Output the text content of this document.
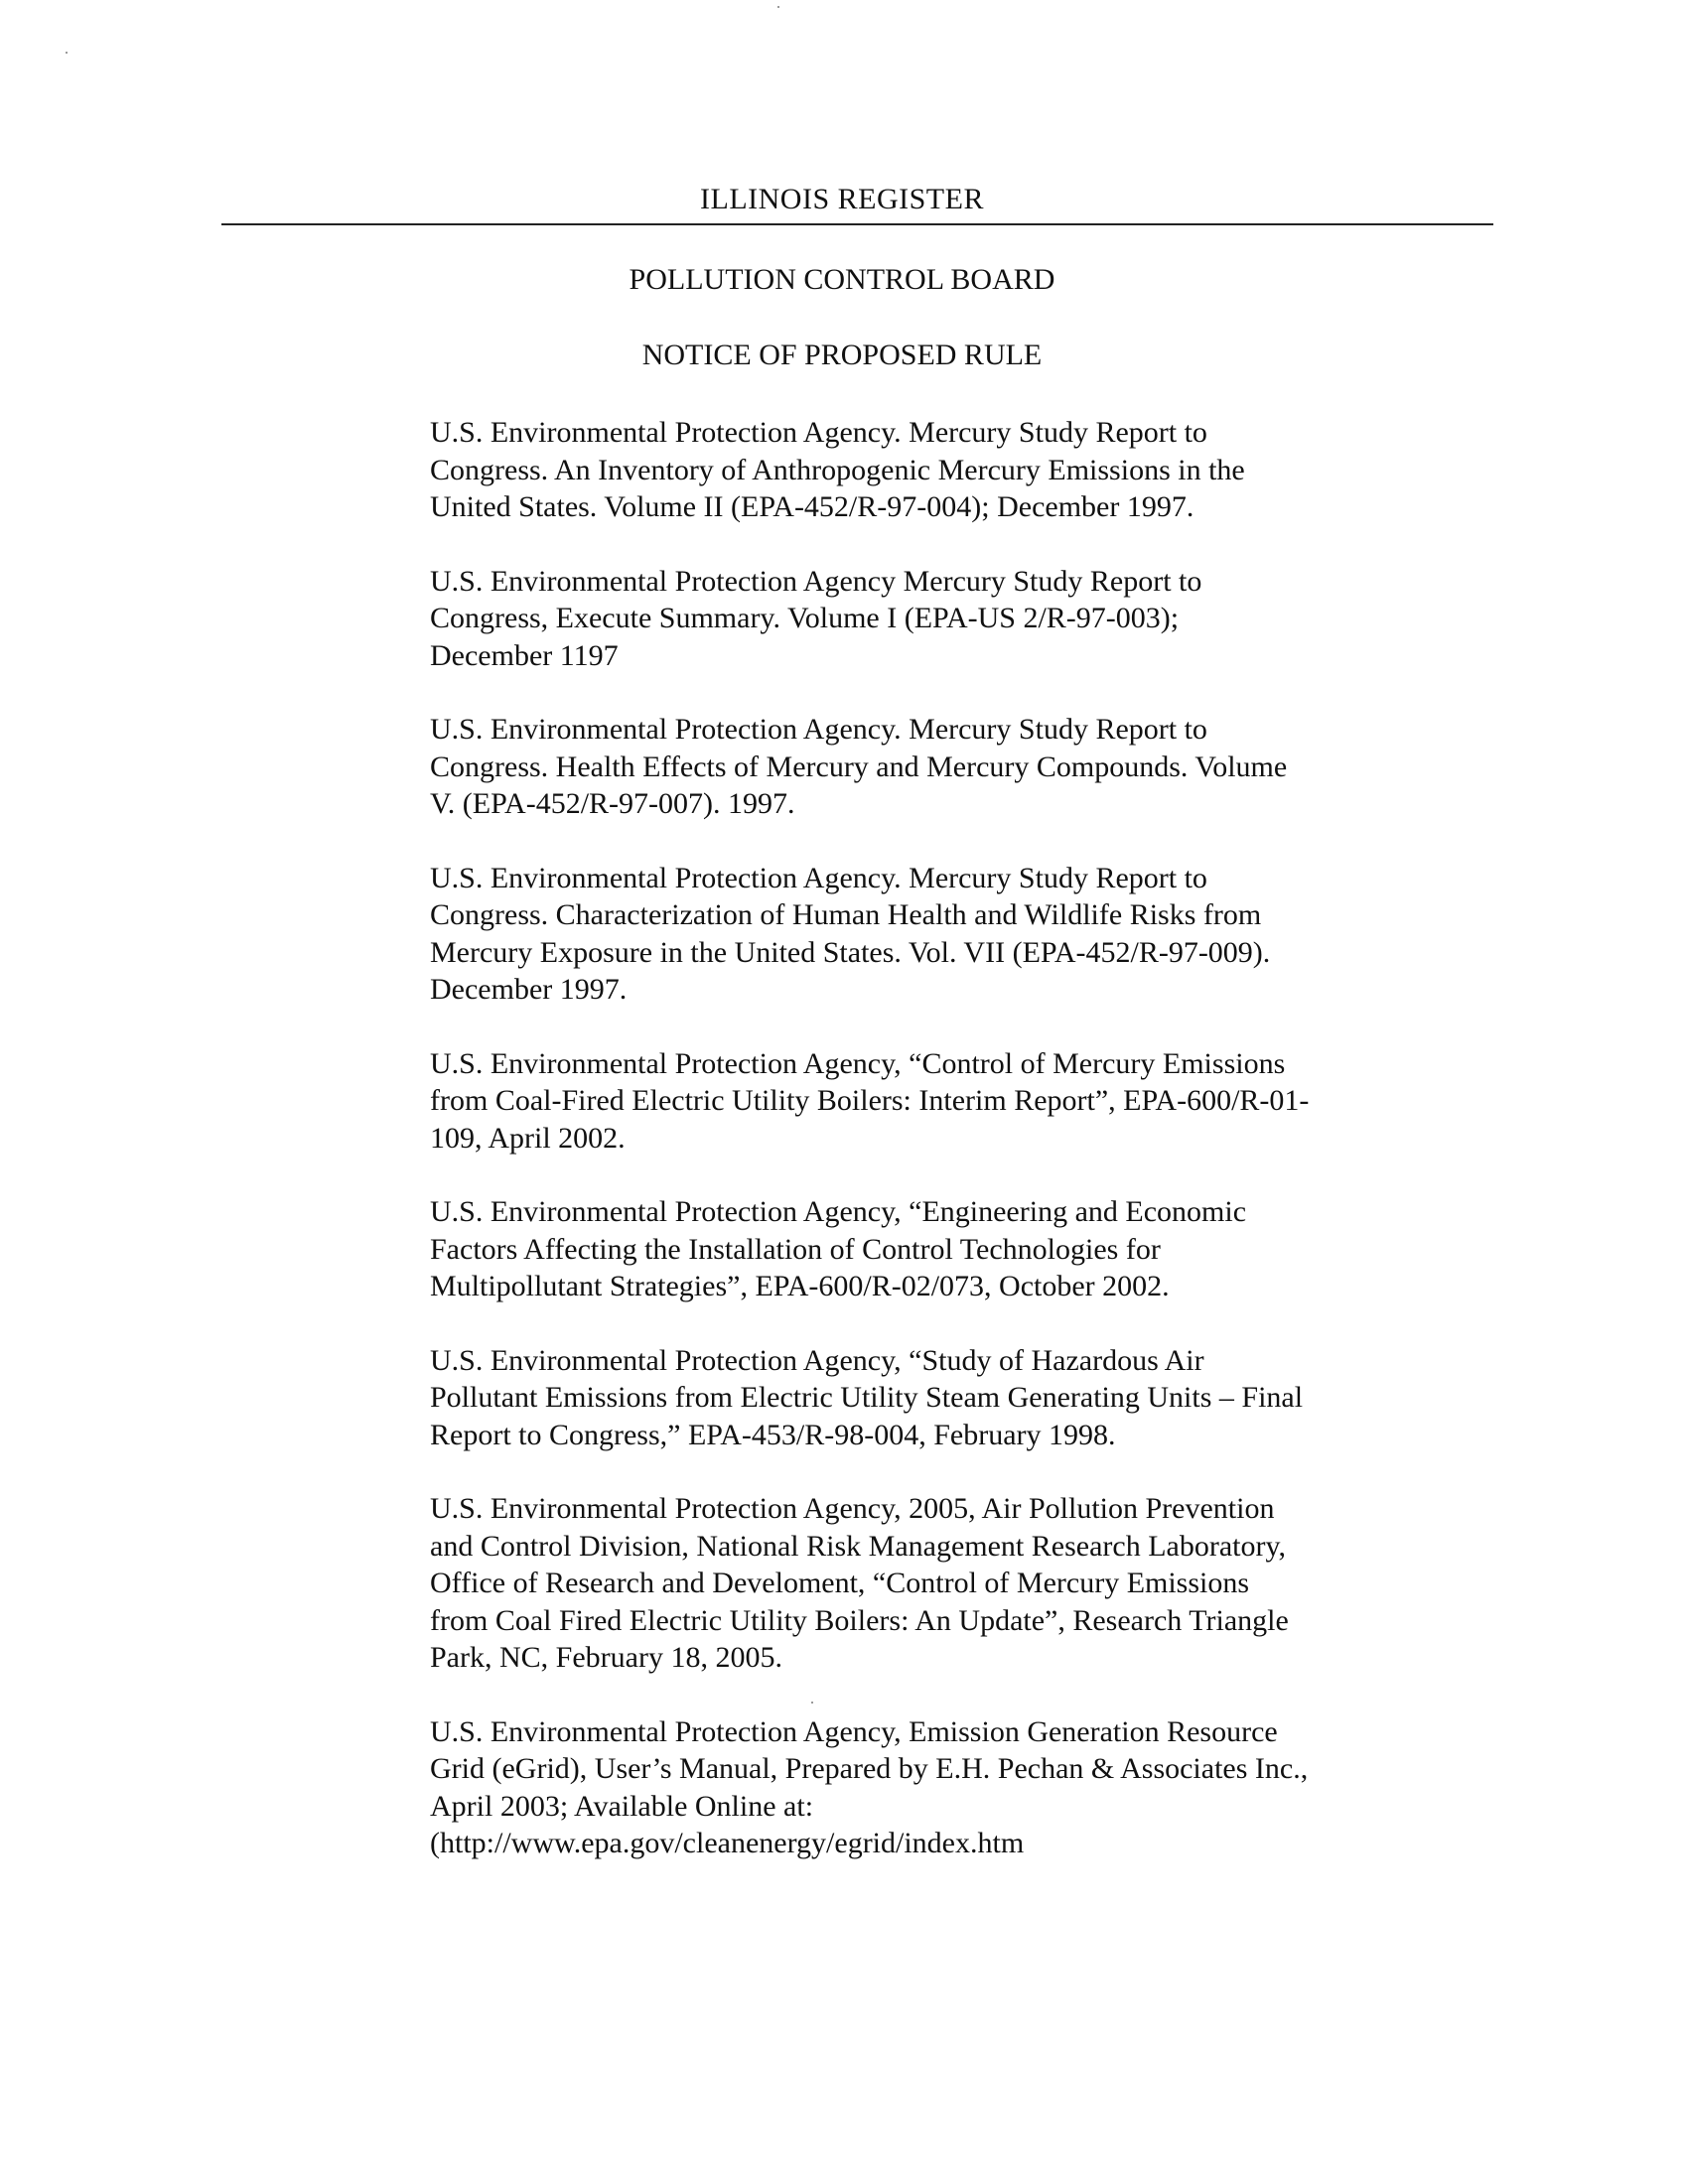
ILLINOIS REGISTER
POLLUTION CONTROL BOARD
NOTICE OF PROPOSED RULE
U.S. Environmental Protection Agency. Mercury Study Report to
Congress. An Inventory of Anthropogenic Mercury Emissions in the
United States. Volume II (EPA-452/R-97-004); December 1997.
U.S. Environmental Protection Agency Mercury Study Report to
Congress, Execute Summary. Volume I (EPA-US 2/R-97-003);
December 1197
U.S. Environmental Protection Agency. Mercury Study Report to
Congress. Health Effects of Mercury and Mercury Compounds. Volume
V. (EPA-452/R-97-007). 1997.
U.S. Environmental Protection Agency. Mercury Study Report to
Congress. Characterization of Human Health and Wildlife Risks from
Mercury Exposure in the United States. Vol. VII (EPA-452/R-97-009).
December 1997.
U.S. Environmental Protection Agency, “Control of Mercury Emissions
from Coal-Fired Electric Utility Boilers: Interim Report”, EPA-600/R-01-
109, April 2002.
U.S. Environmental Protection Agency, “Engineering and Economic
Factors Affecting the Installation of Control Technologies for
Multipollutant Strategies”, EPA-600/R-02/073, October 2002.
U.S. Environmental Protection Agency, “Study of Hazardous Air
Pollutant Emissions from Electric Utility Steam Generating Units – Final
Report to Congress,” EPA-453/R-98-004, February 1998.
U.S. Environmental Protection Agency, 2005, Air Pollution Prevention
and Control Division, National Risk Management Research Laboratory,
Office of Research and Develoment, “Control of Mercury Emissions
from Coal Fired Electric Utility Boilers: An Update”, Research Triangle
Park, NC, February 18, 2005.
U.S. Environmental Protection Agency, Emission Generation Resource
Grid (eGrid), User’s Manual, Prepared by E.H. Pechan & Associates Inc.,
April 2003; Available Online at:
(http://www.epa.gov/cleanenergy/egrid/index.htm
